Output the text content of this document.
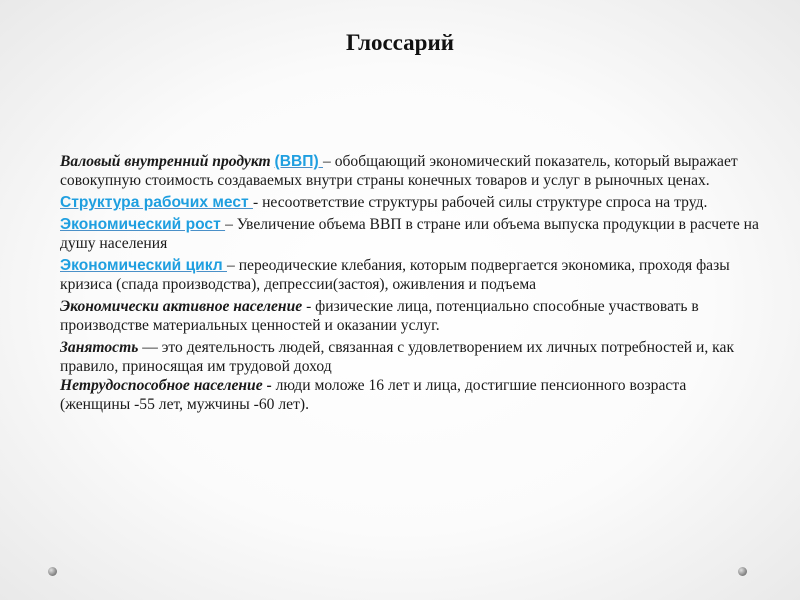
Глоссарий

Валовый внутренний продукт (ВВП) – обобщающий экономический показатель, который выражает совокупную стоимость создаваемых внутри страны конечных товаров и услуг в рыночных ценах.

Структура рабочих мест - несоответствие структуры рабочей силы структуре спроса на труд.

Экономический рост – Увеличение объема ВВП в стране или объема выпуска продукции в расчете на душу населения

Экономический цикл – переодические клебания, которым подвергается экономика, проходя фазы кризиса (спада производства), депрессии(застоя), оживления и подъема

Экономически активное население - физические лица, потенциально способные участвовать в производстве материальных ценностей и оказании услуг.

Занятость — это деятельность людей, связанная с удовлетворением их личных потребностей и, как правило, приносящая им трудовой доход

Нетрудоспособное население - люди моложе 16 лет и лица, достигшие пенсионного возраста (женщины -55 лет, мужчины -60 лет).
